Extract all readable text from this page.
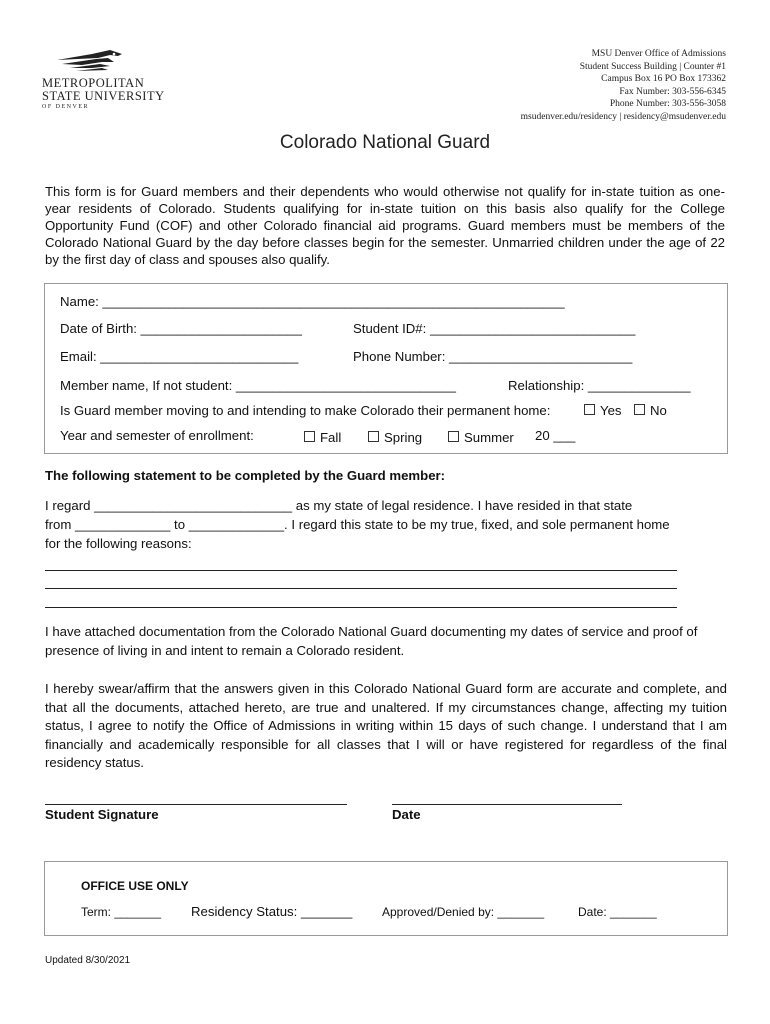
METROPOLITAN
STATE UNIVERSITY
OF DENVER
MSU Denver Office of Admissions
Student Success Building | Counter #1
Campus Box 16 PO Box 173362
Fax Number: 303-556-6345
Phone Number: 303-556-3058
msudenver.edu/residency | residency@msudenver.edu
Colorado National Guard
This form is for Guard members and their dependents who would otherwise not qualify for in-state tuition as one-year residents of Colorado. Students qualifying for in-state tuition on this basis also qualify for the College Opportunity Fund (COF) and other Colorado financial aid programs. Guard members must be members of the Colorado National Guard by the day before classes begin for the semester. Unmarried children under the age of 22 by the first day of class and spouses also qualify.
Name: _______________________________________________________________
Date of Birth: ______________________	Student ID#: ____________________________
Email: ___________________________	Phone Number: _________________________
Member name, If not student: ______________________________	Relationship: ______________
Is Guard member moving to and intending to make Colorado their permanent home:	Yes	No
Year and semester of enrollment:	Fall	Spring	Summer 20 ___
The following statement to be completed by the Guard member:
I regard ___________________________ as my state of legal residence. I have resided in that state
from _____________ to _____________. I regard this state to be my true, fixed, and sole permanent home
for the following reasons:
I have attached documentation from the Colorado National Guard documenting my dates of service and proof of presence of living in and intent to remain a Colorado resident.
I hereby swear/affirm that the answers given in this Colorado National Guard form are accurate and complete, and that all the documents, attached hereto, are true and unaltered. If my circumstances change, affecting my tuition status, I agree to notify the Office of Admissions in writing within 15 days of such change. I understand that I am financially and academically responsible for all classes that I will or have registered for regardless of the final residency status.
Student Signature	Date
OFFICE USE ONLY
Term: _______ Residency Status: _______ Approved/Denied by: _______	Date: _______
Updated 8/30/2021
